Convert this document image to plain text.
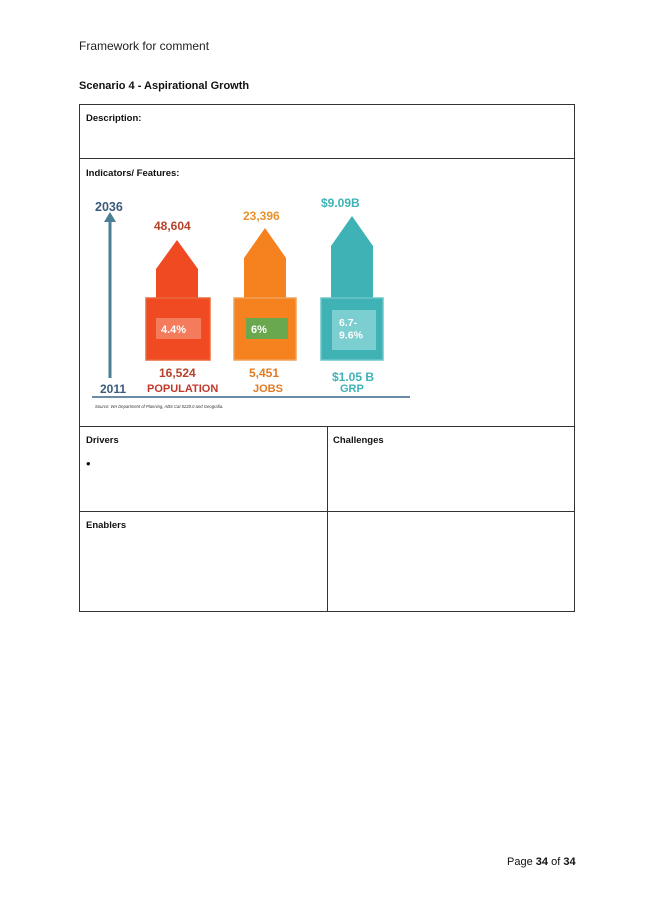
Framework for comment
Scenario 4 - Aspirational Growth
Description:
Indicators/ Features:
2036
2011
Source: WA Department of Planning, ABS Cat 5220.0 and Geografia.
48,604
4.4%
16,524
POPULATION
23,396
6%
5,451
JOBS
$9.09B
6.7-9.6%
$1.05 B
GRP
Drivers
•
Challenges
Enablers
Page 34 of 34
